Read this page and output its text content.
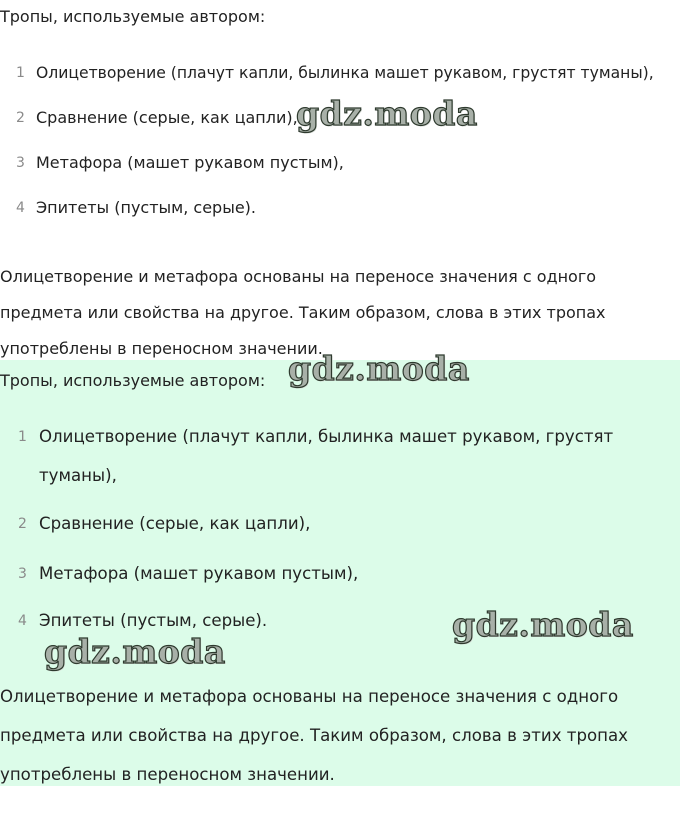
Тропы, используемые автором:

1 Олицетворение (плачут капли, былинка машет рукавом, грустят туманы),
2 Сравнение (серые, как цапли),
3 Метафора (машет рукавом пустым),
4 Эпитеты (пустым, серые).

Олицетворение и метафора основаны на переносе значения с одного
предмета или свойства на другое. Таким образом, слова в этих тропах
употреблены в переносном значении.

Тропы, используемые автором:

1 Олицетворение (плачут капли, былинка машет рукавом, грустят
туманы),
2 Сравнение (серые, как цапли),
3 Метафора (машет рукавом пустым),
4 Эпитеты (пустым, серые).

Олицетворение и метафора основаны на переносе значения с одного
предмета или свойства на другое. Таким образом, слова в этих тропах
употреблены в переносном значении.

gdz.moda
gdz.moda
gdz.moda
gdz.moda
